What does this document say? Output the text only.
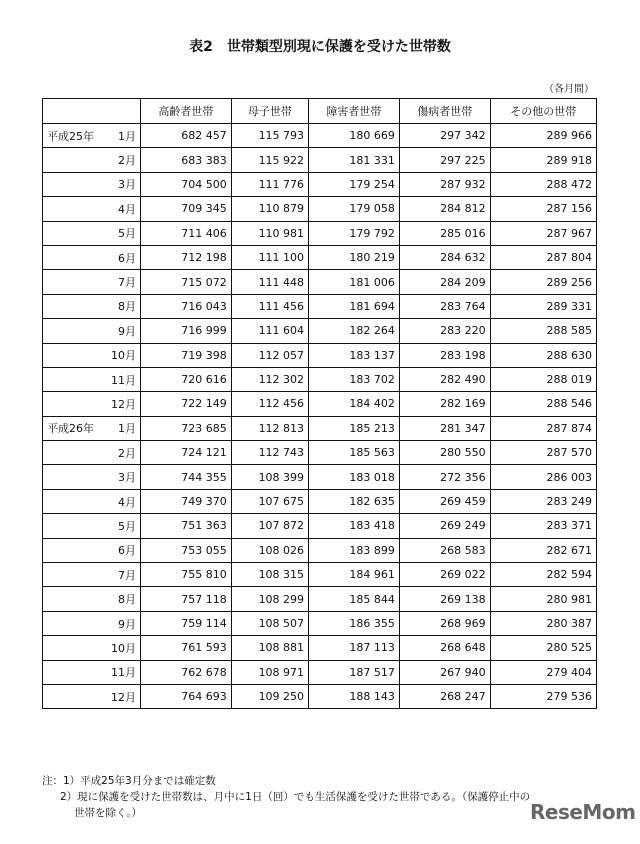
表2　世帯類型別現に保護を受けた世帯数
（各月間）
	高齢者世帯	母子世帯	障害者世帯	傷病者世帯	その他の世帯

平成25年 1月	682 457	115 793	180 669	297 342	289 966

2月	683 383	115 922	181 331	297 225	289 918

3月	704 500	111 776	179 254	287 932	288 472

4月	709 345	110 879	179 058	284 812	287 156

5月	711 406	110 981	179 792	285 016	287 967

6月	712 198	111 100	180 219	284 632	287 804

7月	715 072	111 448	181 006	284 209	289 256

8月	716 043	111 456	181 694	283 764	289 331

9月	716 999	111 604	182 264	283 220	288 585

10月	719 398	112 057	183 137	283 198	288 630

11月	720 616	112 302	183 702	282 490	288 019

12月	722 149	112 456	184 402	282 169	288 546

平成26年 1月	723 685	112 813	185 213	281 347	287 874

2月	724 121	112 743	185 563	280 550	287 570

3月	744 355	108 399	183 018	272 356	286 003

4月	749 370	107 675	182 635	269 459	283 249

5月	751 363	107 872	183 418	269 249	283 371

6月	753 055	108 026	183 899	268 583	282 671

7月	755 810	108 315	184 961	269 022	282 594

8月	757 118	108 299	185 844	269 138	280 981

9月	759 114	108 507	186 355	268 969	280 387

10月	761 593	108 881	187 113	268 648	280 525

11月	762 678	108 971	187 517	267 940	279 404

12月	764 693	109 250	188 143	268 247	279 536
注：1）平成25年3月分までは確定数
2）現に保護を受けた世帯数は、月中に1日（回）でも生活保護を受けた世帯である。（保護停止中の
世帯を除く。）	ReseMom
